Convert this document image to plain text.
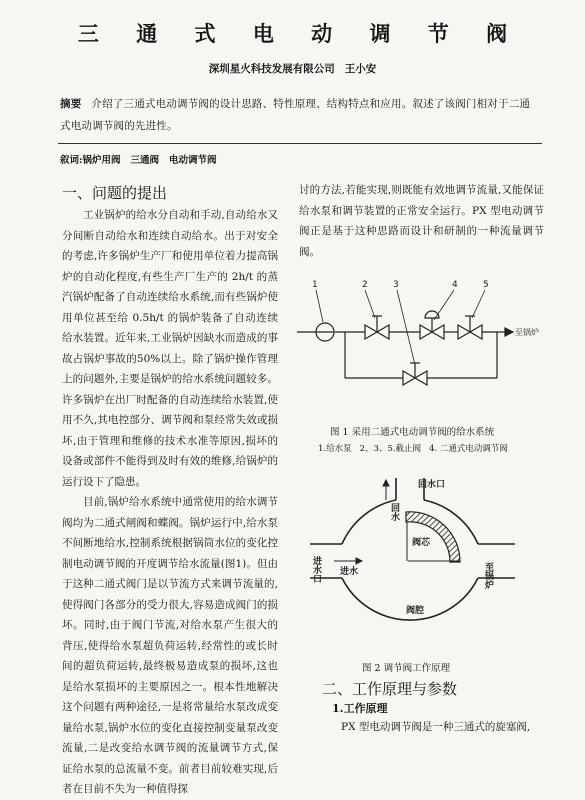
三 通 式 电 动 调 节 阀
深圳星火科技发展有限公司 王小安
摘要 介绍了三通式电动调节阀的设计思路、特性原理、结构特点和应用。叙述了该阀门相对于二通式电动调节阀的先进性。
叙词:锅炉用阀 三通阀 电动调节阀
一、问题的提出

工业锅炉的给水分自动和手动,自动给水又分间断自动给水和连续自动给水。出于对安全的考虑,许多锅炉生产厂和使用单位着力提高锅炉的自动化程度,有些生产厂生产的 2h/t 的蒸汽锅炉配备了自动连续给水系统,而有些锅炉使用单位甚至给 0.5h/t 的锅炉装备了自动连续给水装置。近年来,工业锅炉因缺水而造成的事故占锅炉事故的50%以上。除了锅炉操作管理上的问题外,主要是锅炉的给水系统问题较多。许多锅炉在出厂时配备的自动连续给水装置,使用不久,其电控部分、调节阀和泵经常失效或损坏,由于管理和维修的技术水准等原因,损坏的设备或部件不能得到及时有效的维修,给锅炉的运行设下了隐患。

目前,锅炉给水系统中通常使用的给水调节阀均为二通式闸阀和蝶阀。锅炉运行中,给水泵不间断地给水,控制系统根据锅筒水位的变化控制电动调节阀的开度调节给水流量(图1)。但由于这种二通式阀门是以节流方式来调节流量的,使得阀门各部分的受力很大,容易造成阀门的损坏。同时,由于阀门节流,对给水泵产生很大的背压,使得给水泵超负荷运转,经常性的或长时间的超负荷运转,最终极易造成泵的损坏,这也是给水泵损坏的主要原因之一。根本性地解决这个问题有两种途径,一是将常量给水泵改成变量给水泵,锅炉水位的变化直接控制变量泵改变流量,二是改变给水调节阀的流量调节方式,保证给水泵的总流量不变。前者目前较难实现,后者在目前不失为一种值得探

讨的方法,若能实现,则既能有效地调节流量,又能保证给水泵和调节装置的正常安全运行。PX 型电动调节阀正是基于这种思路而设计和研制的一种流量调节阀。

1	2	3	4	5
至锅炉
图 1 采用二通式电动调节阀的给水系统
1.给水泵 2、3、5.截止阀 4. 二通式电动调节阀
回水口
回水
进水口 进水
阀芯
至锅炉
阀腔
图 2 调节阀工作原理
二、工作原理与参数
1.工作原理

PX 型电动调节阀是一种三通式的旋塞阀,
